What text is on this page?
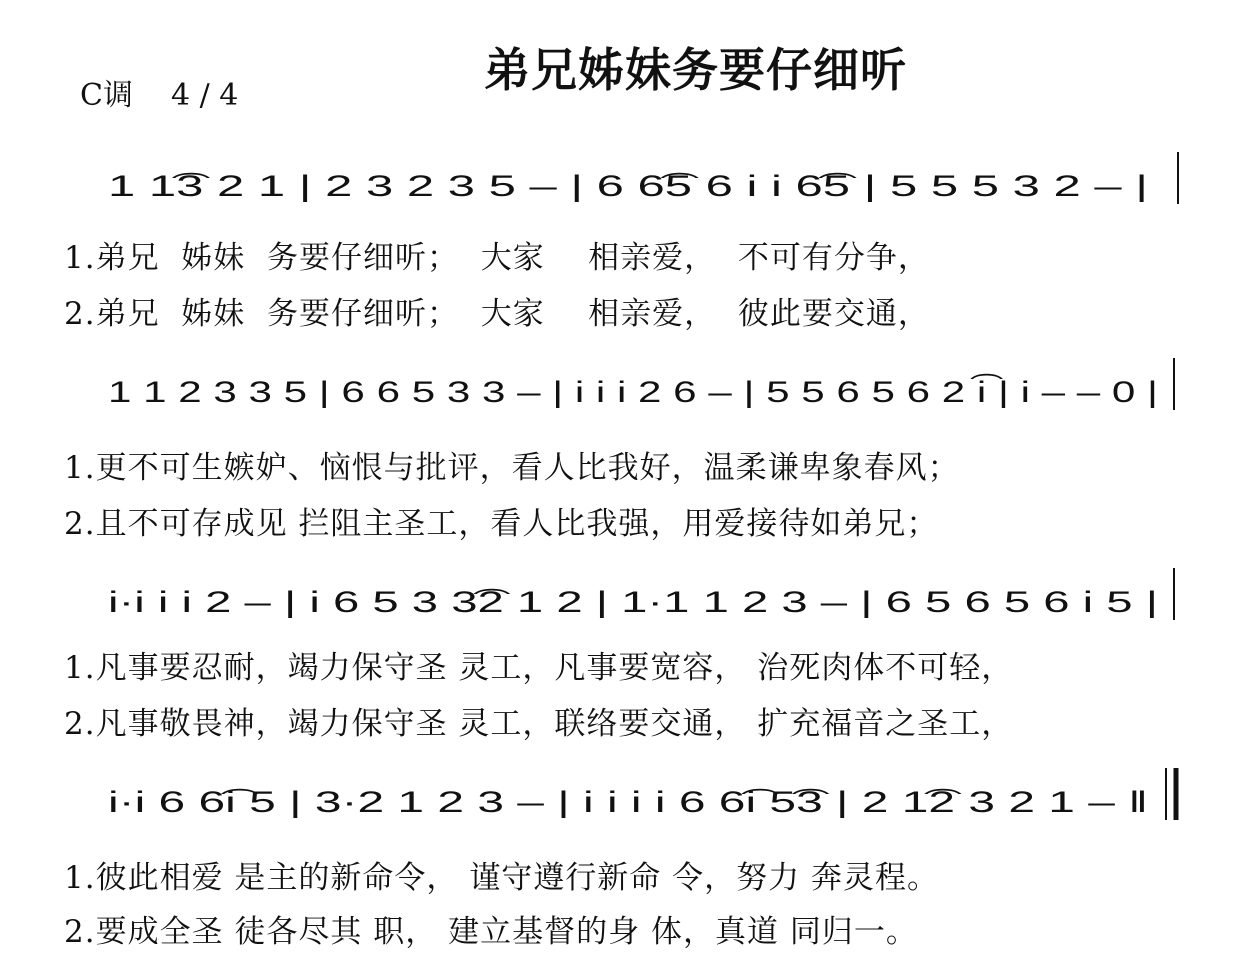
弟兄姊妹务要仔细听
C调 4 / 4
1 1͡3 2 1 | 2 3 2 3 5 – | 6 6͡5 6 i i 6͡5 | 5 5 5 3 2 – |
1.弟兄  姊妹  务要仔细听；  大家    相亲爱，  不可有分争，
2.弟兄  姊妹  务要仔细听；  大家    相亲爱，  彼此要交通，
1 1 2 3 3 5 | 6 6 5 3 3 – | i i i 2 6 – | 5 5 6 5 6 2 i͡ | i – – 0 |
1.更不可生嫉妒、恼恨与批评，看人比我好，温柔谦卑象春风；
2.且不可存成见 拦阻主圣工，看人比我强，用爱接待如弟兄；
i·i i i 2 – | i 6 5 3 3͡2 1 2 | 1·1 1 2 3 – | 6 5 6 5 6 i 5 |
1.凡事要忍耐，竭力保守圣 灵工，凡事要宽容， 治死肉体不可轻，
2.凡事敬畏神，竭力保守圣 灵工，联络要交通， 扩充福音之圣工，
i·i 6 6͡i 5 | 3·2 1 2 3 – | i i i i 6 6͡i 5͡3 | 2 1͡2 3 2 1 – ‖
1.彼此相爱 是主的新命令， 谨守遵行新命 令，努力 奔灵程。
2.要成全圣 徒各尽其 职， 建立基督的身 体，真道 同归一。
